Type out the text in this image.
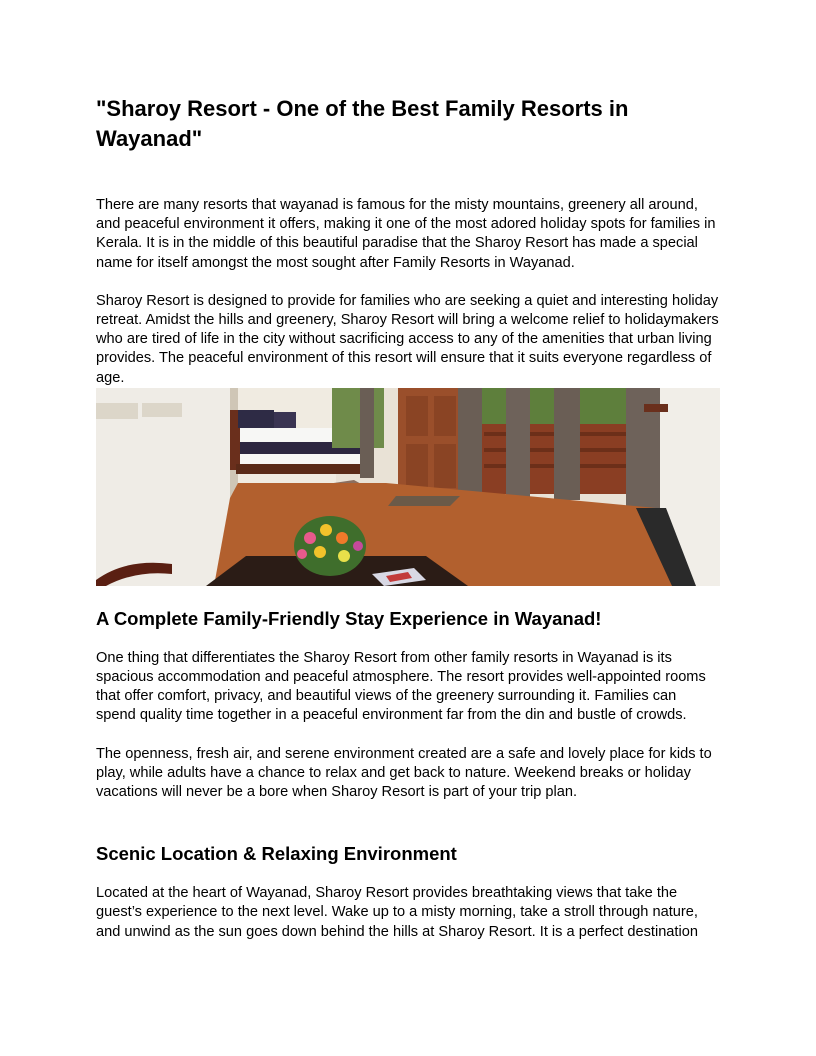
"Sharoy Resort - One of the Best Family Resorts in Wayanad"

There are many resorts that wayanad is famous for the misty mountains, greenery all around, and peaceful environment it offers, making it one of the most adored holiday spots for families in Kerala. It is in the middle of this beautiful paradise that the Sharoy Resort has made a special name for itself amongst the most sought after Family Resorts in Wayanad.

Sharoy Resort is designed to provide for families who are seeking a quiet and interesting holiday retreat. Amidst the hills and greenery, Sharoy Resort will bring a welcome relief to holidaymakers who are tired of life in the city without sacrificing access to any of the amenities that urban living provides. The peaceful environment of this resort will ensure that it suits everyone regardless of age.

A Complete Family-Friendly Stay Experience in Wayanad!

One thing that differentiates the Sharoy Resort from other family resorts in Wayanad is its spacious accommodation and peaceful atmosphere. The resort provides well-appointed rooms that offer comfort, privacy, and beautiful views of the greenery surrounding it. Families can spend quality time together in a peaceful environment far from the din and bustle of crowds.

The openness, fresh air, and serene environment created are a safe and lovely place for kids to play, while adults have a chance to relax and get back to nature. Weekend breaks or holiday vacations will never be a bore when Sharoy Resort is part of your trip plan.

Scenic Location & Relaxing Environment

Located at the heart of Wayanad, Sharoy Resort provides breathtaking views that take the guest’s experience to the next level. Wake up to a misty morning, take a stroll through nature, and unwind as the sun goes down behind the hills at Sharoy Resort. It is a perfect destination
